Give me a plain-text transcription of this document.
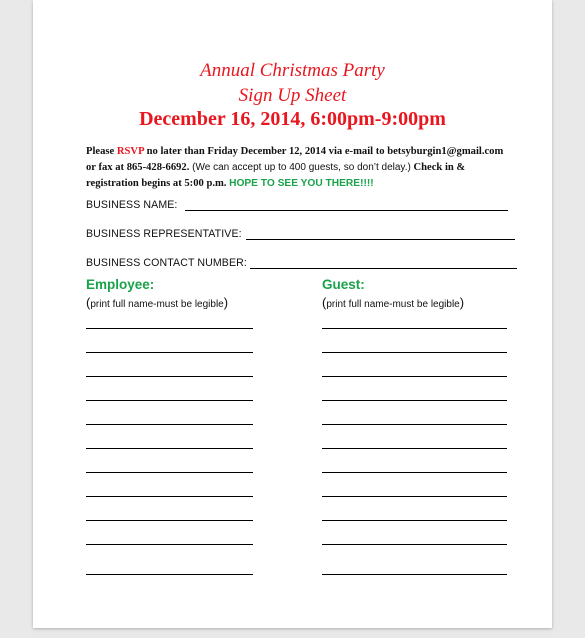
Annual Christmas Party
Sign Up Sheet
December 16, 2014, 6:00pm-9:00pm
Please RSVP no later than Friday December 12, 2014 via e-mail to betsyburgin1@gmail.com
or fax at 865-428-6692. (We can accept up to 400 guests, so don’t delay.) Check in &
registration begins at 5:00 p.m. HOPE TO SEE YOU THERE!!!!
BUSINESS NAME:
BUSINESS REPRESENTATIVE:
BUSINESS CONTACT NUMBER:
Employee:	Guest:
(print full name-must be legible)	(print full name-must be legible)
